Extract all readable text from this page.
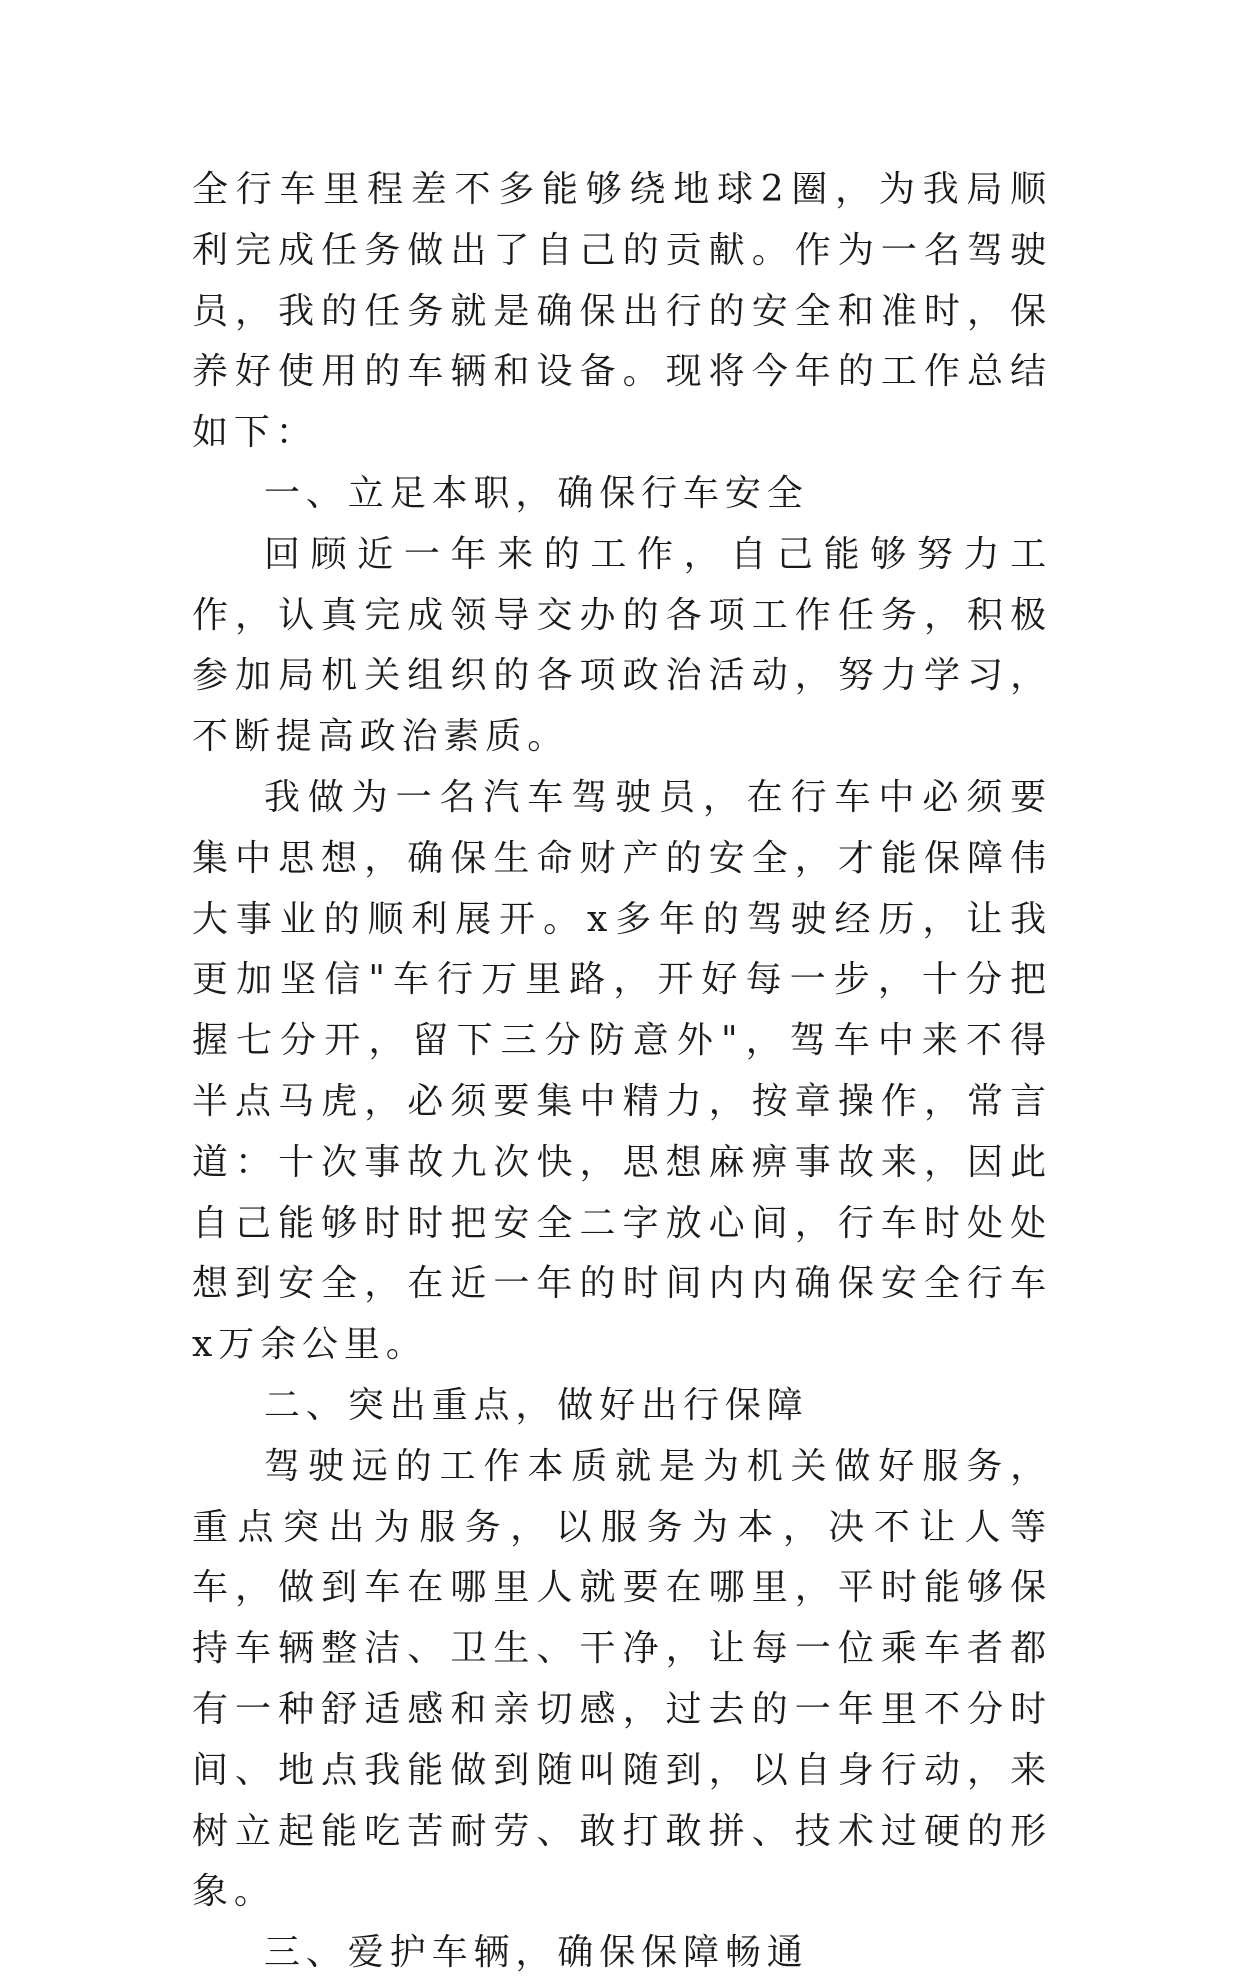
全行车里程差不多能够绕地球2圈，为我局顺利完成任务做出了自己的贡献。作为一名驾驶员，我的任务就是确保出行的安全和准时，保养好使用的车辆和设备。现将今年的工作总结如下：

一、立足本职，确保行车安全

回顾近一年来的工作，自己能够努力工作，认真完成领导交办的各项工作任务，积极参加局机关组织的各项政治活动，努力学习，不断提高政治素质。

我做为一名汽车驾驶员，在行车中必须要集中思想，确保生命财产的安全，才能保障伟大事业的顺利展开。x多年的驾驶经历，让我更加坚信"车行万里路，开好每一步，十分把握七分开，留下三分防意外"，驾车中来不得半点马虎，必须要集中精力，按章操作，常言道：十次事故九次快，思想麻痹事故来，因此自己能够时时把安全二字放心间，行车时处处想到安全，在近一年的时间内内确保安全行车x万余公里。

二、突出重点，做好出行保障

驾驶远的工作本质就是为机关做好服务，重点突出为服务，以服务为本，决不让人等车，做到车在哪里人就要在哪里，平时能够保持车辆整洁、卫生、干净，让每一位乘车者都有一种舒适感和亲切感，过去的一年里不分时间、地点我能做到随叫随到，以自身行动，来树立起能吃苦耐劳、敢打敢拼、技术过硬的形象。

三、爱护车辆，确保保障畅通
